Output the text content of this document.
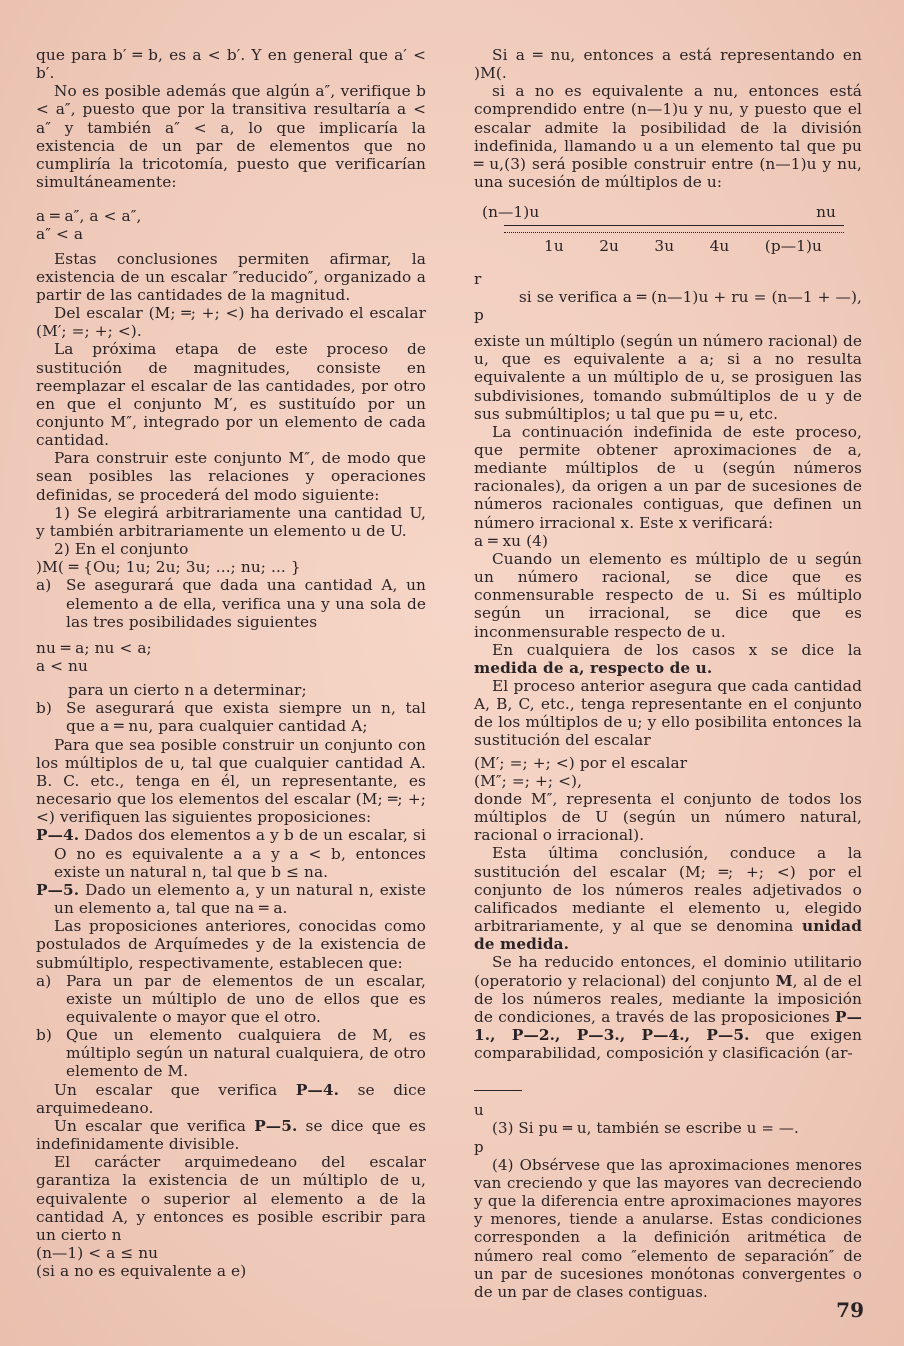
que para b′ ═ b, es a < b′. Y en general que a′ < b′.

No es posible además que algún a″, verifique b < a″, puesto que por la transitiva resultaría a < a″ y también a″ < a, lo que implicaría la existencia de un par de elementos que no cumpliría la tricotomía, puesto que verificarían simultáneamente:

a ═ a″, a < a″,

a″ < a

Estas conclusiones permiten afirmar, la existencia de un escalar ″reducido″, organizado a partir de las cantidades de la magnitud.

Del escalar (M; ═; +; <) ha derivado el escalar (M′; =; +; <).

La próxima etapa de este proceso de sustitución de magnitudes, consiste en reemplazar el escalar de las cantidades, por otro en que el conjunto M′, es sustituído por un conjunto M″, integrado por un elemento de cada cantidad.

Para construir este conjunto M″, de modo que sean posibles las relaciones y operaciones definidas, se procederá del modo siguiente:

1) Se elegirá arbitrariamente una cantidad U, y también arbitrariamente un elemento u de U.

2) En el conjunto

)M( ═ {Ou; 1u; 2u; 3u; ...; nu; ... }

a) Se asegurará que dada una cantidad A, un elemento a de ella, verifica una y una sola de las tres posibilidades siguientes

nu ═ a; nu < a;

a < nu

para un cierto n a determinar;

b) Se asegurará que exista siempre un n, tal que a ═ nu, para cualquier cantidad A;

Para que sea posible construir un conjunto con los múltiplos de u, tal que cualquier cantidad A. B. C. etc., tenga en él, un representante, es necesario que los elementos del escalar (M; ═; +; <) verifiquen las siguientes proposiciones:

P—4. Dados dos elementos a y b de un escalar, si O no es equivalente a a y a < b, entonces existe un natural n, tal que b ≤ na.

P—5. Dado un elemento a, y un natural n, existe un elemento a, tal que na ═ a.

Las proposiciones anteriores, conocidas como postulados de Arquímedes y de la existencia de submúltiplo, respectivamente, establecen que:

a) Para un par de elementos de un escalar, existe un múltiplo de uno de ellos que es equivalente o mayor que el otro.
b) Que un elemento cualquiera de M, es múltiplo según un natural cualquiera, de otro elemento de M.

Un escalar que verifica P—4. se dice arquimedeano.

Un escalar que verifica P—5. se dice que es indefinidamente divisible.

El carácter arquimedeano del escalar garantiza la existencia de un múltiplo de u, equivalente o superior al elemento a de la cantidad A, y entonces es posible escribir para un cierto n

(n—1) < a ≤ nu

(si a no es equivalente a e)

Si a ═ nu, entonces a está representando en )M(.

si a no es equivalente a nu, entonces está comprendido entre (n—1)u y nu, y puesto que el escalar admite la posibilidad de la división indefinida, llamando u a un elemento tal que pu ═ u,(3) será posible construir entre (n—1)u y nu, una sucesión de múltiplos de u:

(n—1)u	nu
1u 2u 3u 4u (p—1)u

r

si se verifica a ═ (n—1)u + ru = (n—1 + —),

p

existe un múltiplo (según un número racional) de u, que es equivalente a a; si a no resulta equivalente a un múltiplo de u, se prosiguen las subdivisiones, tomando submúltiplos de u y de sus submúltiplos; u tal que pu ═ u, etc.

La continuación indefinida de este proceso, que permite obtener aproximaciones de a, mediante múltiplos de u (según números racionales), da origen a un par de sucesiones de números racionales contiguas, que definen un número irracional x. Este x verificará:

a ═ xu (4)

Cuando un elemento es múltiplo de u según un número racional, se dice que es conmensurable respecto de u. Si es múltiplo según un irracional, se dice que es inconmensurable respecto de u.

En cualquiera de los casos x se dice la medida de a, respecto de u.

El proceso anterior asegura que cada cantidad A, B, C, etc., tenga representante en el conjunto de los múltiplos de u; y ello posibilita entonces la sustitución del escalar

(M′; =; +; <) por el escalar

(M″; =; +; <),

donde M″, representa el conjunto de todos los múltiplos de U (según un número natural, racional o irracional).

Esta última conclusión, conduce a la sustitución del escalar (M; ═; +; <) por el conjunto de los números reales adjetivados o calificados mediante el elemento u, elegido arbitrariamente, y al que se denomina unidad de medida.

Se ha reducido entonces, el dominio utilitario (operatorio y relacional) del conjunto M, al de el de los números reales, mediante la imposición de condiciones, a través de las proposiciones P—1., P—2., P—3., P—4., P—5. que exigen comparabilidad, composición y clasificación (ar-

u

(3) Si pu ═ u, también se escribe u = —.

p

(4) Obsérvese que las aproximaciones menores van creciendo y que las mayores van decreciendo y que la diferencia entre aproximaciones mayores y menores, tiende a anularse. Estas condiciones corresponden a la definición aritmética de número real como ″elemento de separación″ de un par de sucesiones monótonas convergentes o de un par de clases contiguas.

79
